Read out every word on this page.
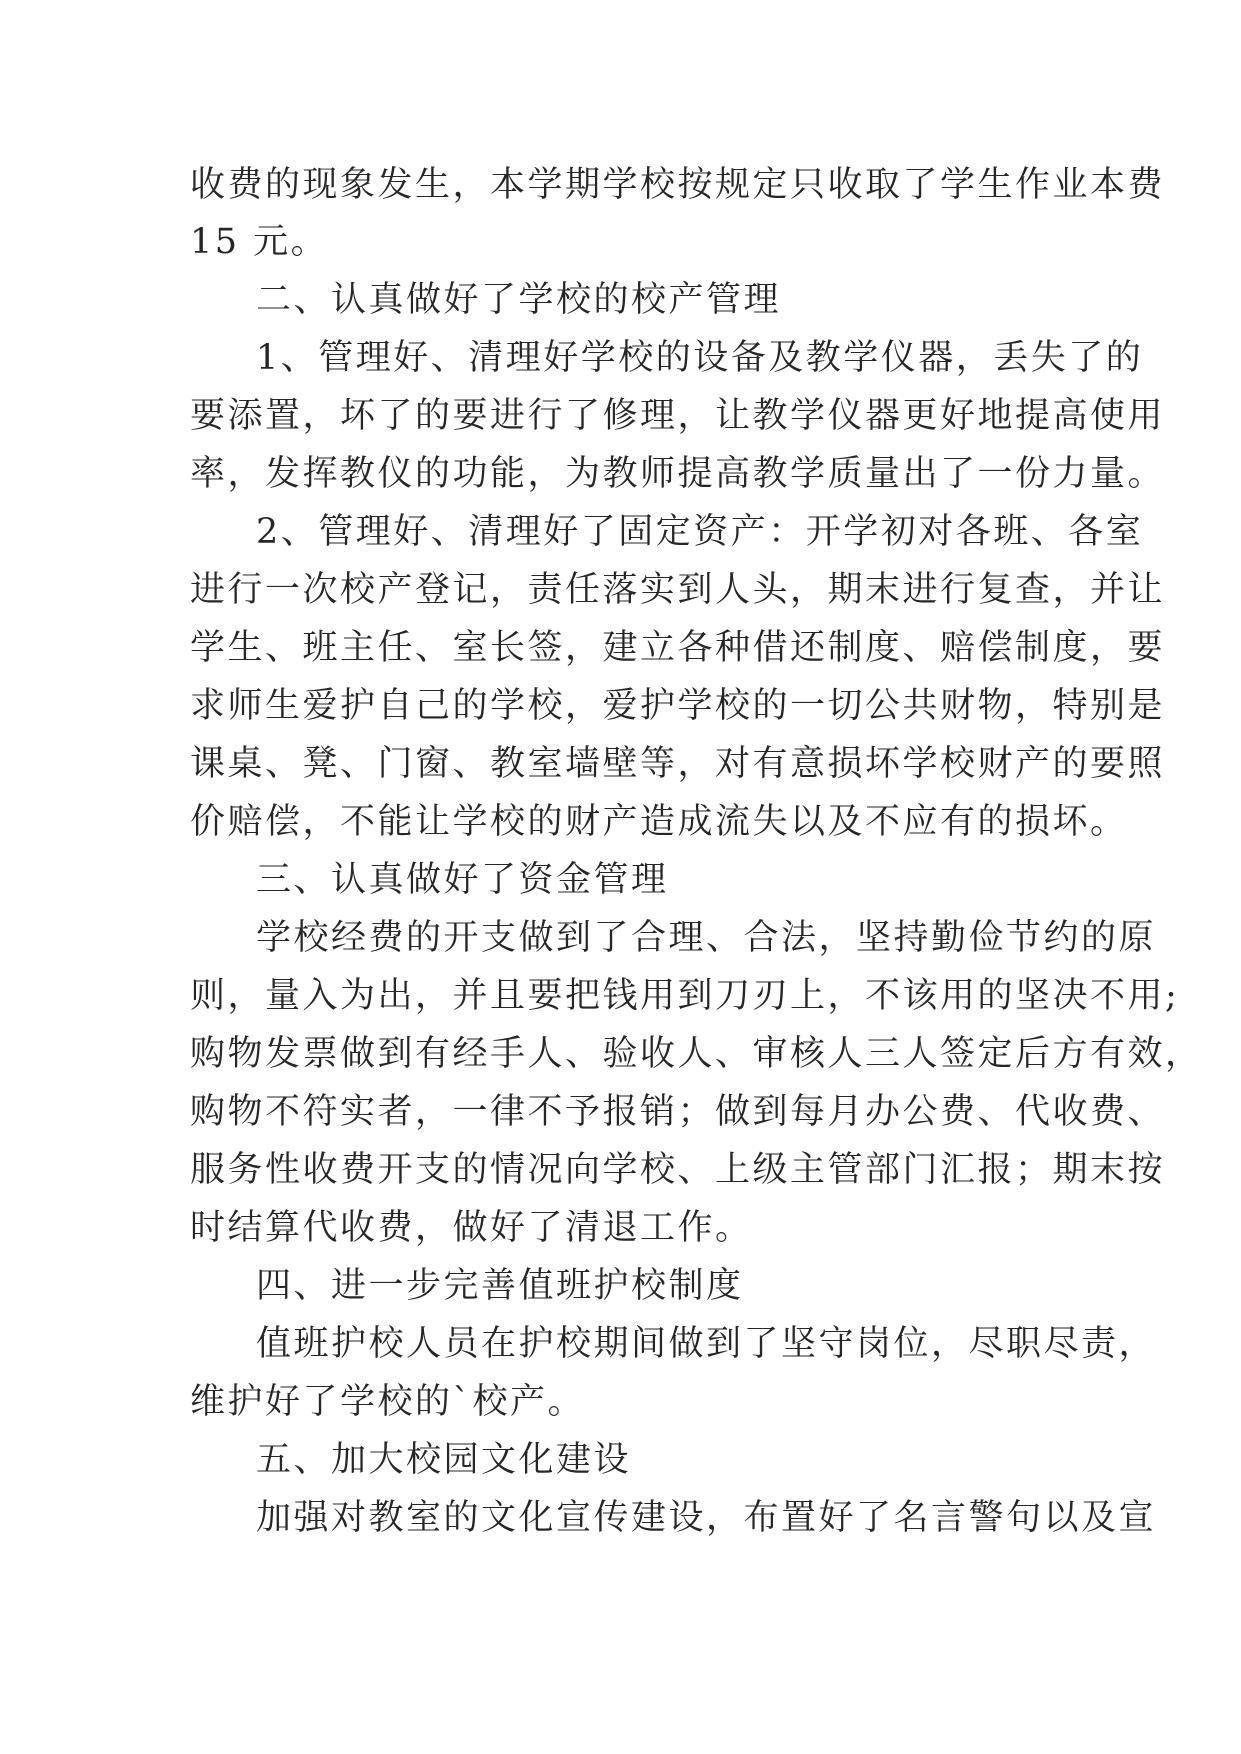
收费的现象发生，本学期学校按规定只收取了学生作业本费
15 元。
二、认真做好了学校的校产管理
1、管理好、清理好学校的设备及教学仪器，丢失了的
要添置，坏了的要进行了修理，让教学仪器更好地提高使用
率，发挥教仪的功能，为教师提高教学质量出了一份力量。
2、管理好、清理好了固定资产：开学初对各班、各室
进行一次校产登记，责任落实到人头，期末进行复查，并让
学生、班主任、室长签，建立各种借还制度、赔偿制度，要
求师生爱护自己的学校，爱护学校的一切公共财物，特别是
课桌、凳、门窗、教室墙壁等，对有意损坏学校财产的要照
价赔偿，不能让学校的财产造成流失以及不应有的损坏。
三、认真做好了资金管理
学校经费的开支做到了合理、合法，坚持勤俭节约的原
则，量入为出，并且要把钱用到刀刃上，不该用的坚决不用;
购物发票做到有经手人、验收人、审核人三人签定后方有效，
购物不符实者，一律不予报销；做到每月办公费、代收费、
服务性收费开支的情况向学校、上级主管部门汇报；期末按
时结算代收费，做好了清退工作。
四、进一步完善值班护校制度
值班护校人员在护校期间做到了坚守岗位，尽职尽责，
维护好了学校的`校产。
五、加大校园文化建设
加强对教室的文化宣传建设，布置好了名言警句以及宣
